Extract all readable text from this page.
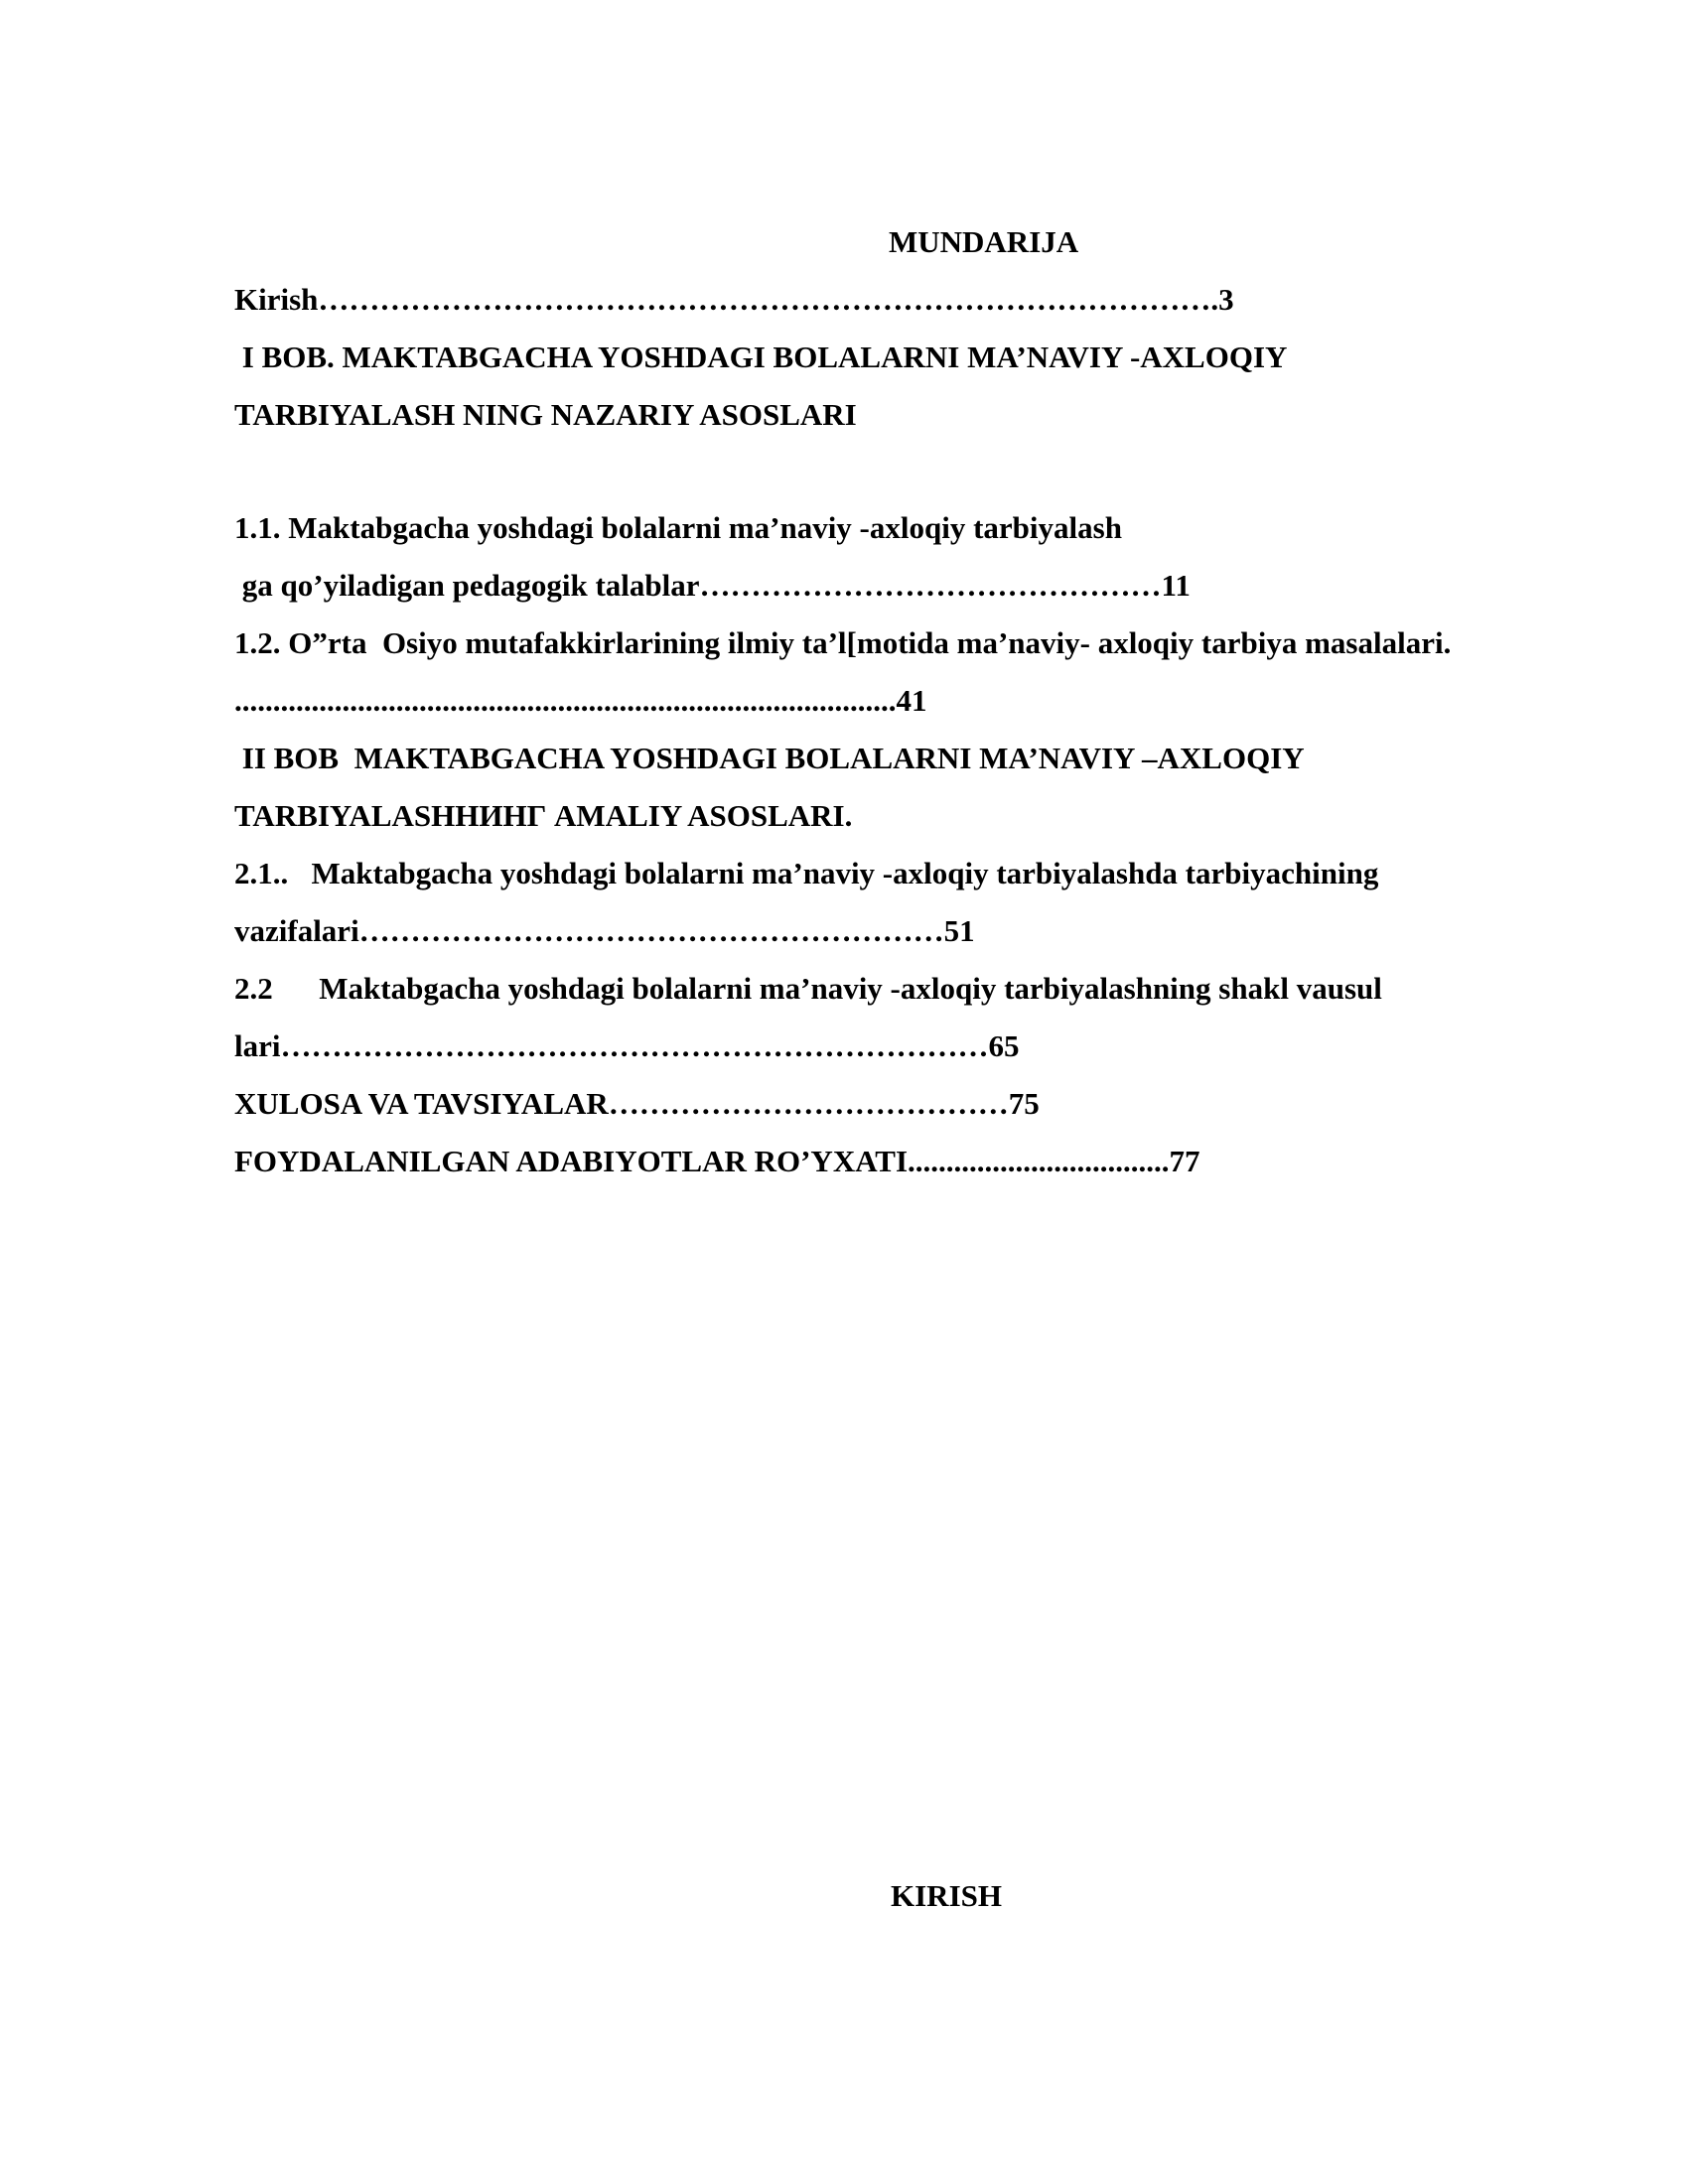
MUNDARIJA
Kirish…………………………………………………………………………….3
I BOB. MAKTABGACHA YOSHDAGI BOLALARNI MA’NAVIY -AXLOQIY
TARBIYALASH NING NAZARIY ASOSLARI
1.1. Maktabgacha yoshdagi bolalarni ma’naviy -axloqiy tarbiyalash
ga qo’yiladigan pedagogik talablar………………………………………11
1.2. O”rta  Osiyo mutafakkirlarining ilmiy ta’l[motida ma’naviy- axloqiy tarbiya masalalari.
......................................................................................41
II BOB  MAKTABGACHA YOSHDAGI BOLALARNI MA’NAVIY –AXLOQIY
TARBIYALASHНИНГ AMALIY ASOSLARI.
2.1..   Maktabgacha yoshdagi bolalarni ma’naviy -axloqiy tarbiyalashda tarbiyachining
vazifalari…………………………………………………51
2.2      Maktabgacha yoshdagi bolalarni ma’naviy -axloqiy tarbiyalashning shakl vausul
lari……………………………………………………………65
XULOSA VA TAVSIYALAR…………………………………75
FOYDALANILGAN ADABIYOTLAR RO’YXATI..................................77
KIRISH
